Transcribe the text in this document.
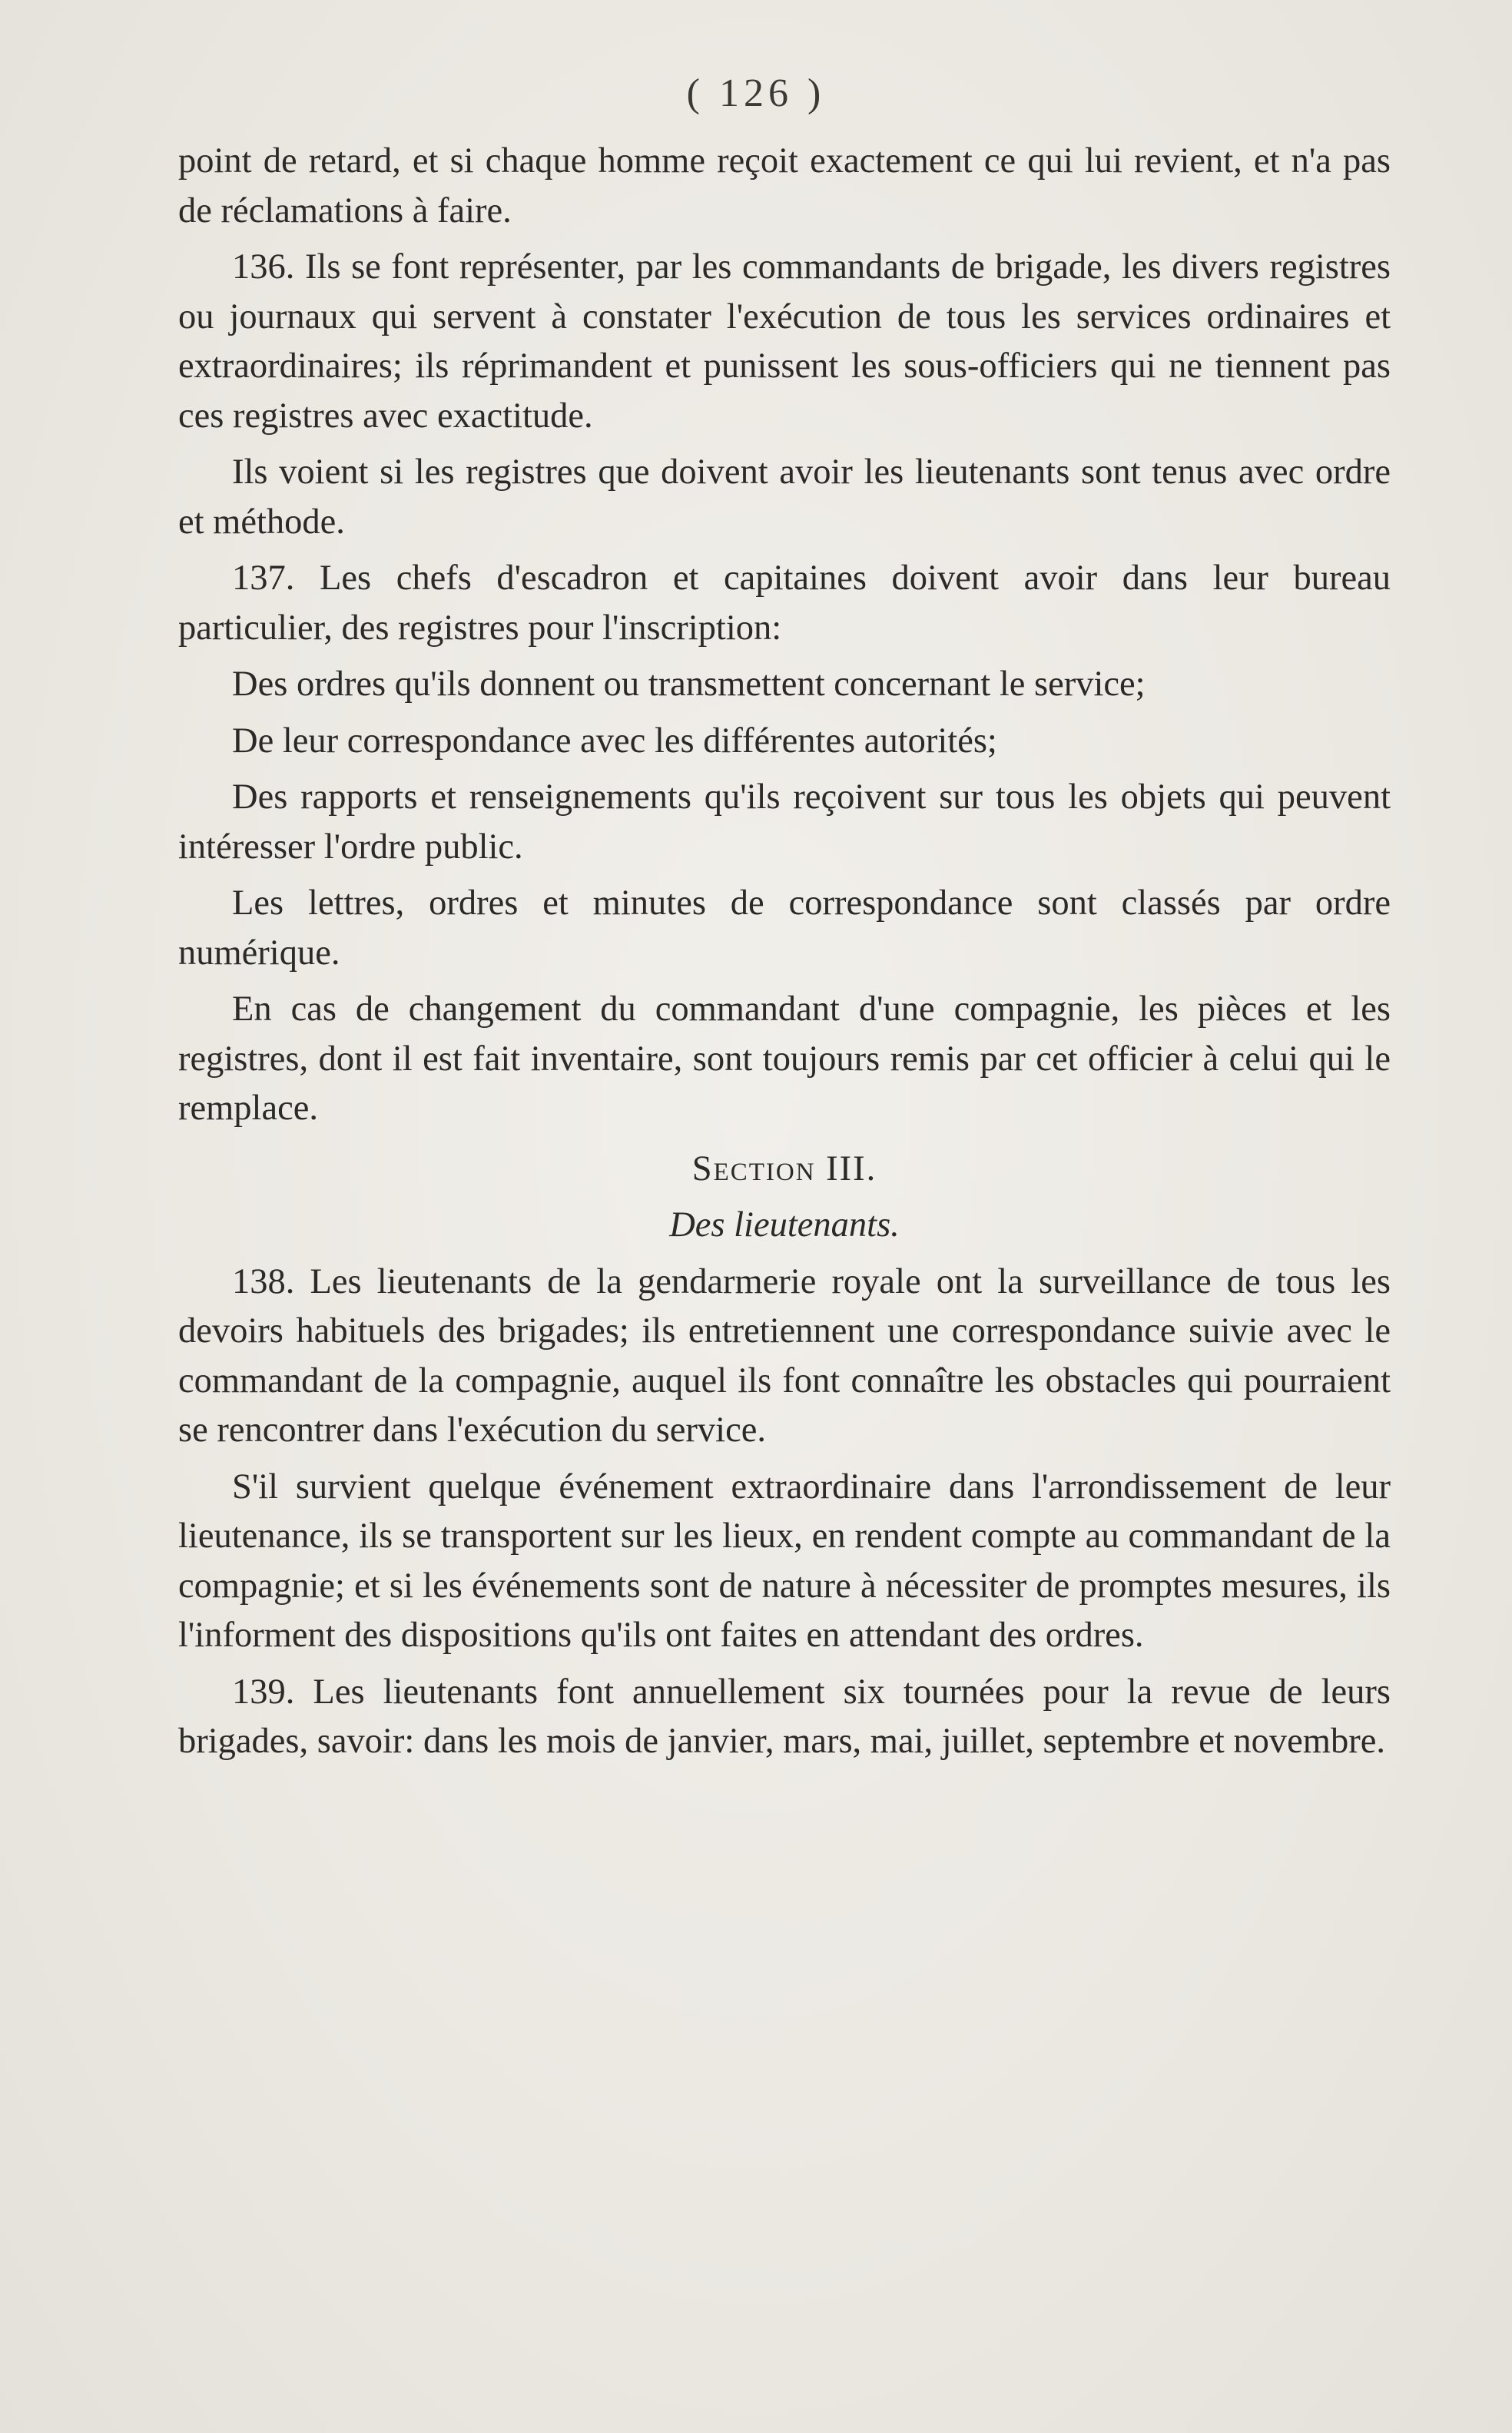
( 126 )

point de retard, et si chaque homme reçoit exactement ce qui lui revient, et n'a pas de réclamations à faire.

136. Ils se font représenter, par les commandants de brigade, les divers registres ou journaux qui servent à constater l'exécution de tous les services ordinaires et extraordinaires; ils réprimandent et punissent les sous-officiers qui ne tiennent pas ces registres avec exactitude.

Ils voient si les registres que doivent avoir les lieutenants sont tenus avec ordre et méthode.

137. Les chefs d'escadron et capitaines doivent avoir dans leur bureau particulier, des registres pour l'inscription:

Des ordres qu'ils donnent ou transmettent concernant le service;

De leur correspondance avec les différentes autorités;

Des rapports et renseignements qu'ils reçoivent sur tous les objets qui peuvent intéresser l'ordre public.

Les lettres, ordres et minutes de correspondance sont classés par ordre numérique.

En cas de changement du commandant d'une compagnie, les pièces et les registres, dont il est fait inventaire, sont toujours remis par cet officier à celui qui le remplace.

Section III.

Des lieutenants.

138. Les lieutenants de la gendarmerie royale ont la surveillance de tous les devoirs habituels des brigades; ils entretiennent une correspondance suivie avec le commandant de la compagnie, auquel ils font connaître les obstacles qui pourraient se rencontrer dans l'exécution du service.

S'il survient quelque événement extraordinaire dans l'arrondissement de leur lieutenance, ils se transportent sur les lieux, en rendent compte au commandant de la compagnie; et si les événements sont de nature à nécessiter de promptes mesures, ils l'informent des dispositions qu'ils ont faites en attendant des ordres.

139. Les lieutenants font annuellement six tournées pour la revue de leurs brigades, savoir: dans les mois de janvier, mars, mai, juillet, septembre et novembre.
